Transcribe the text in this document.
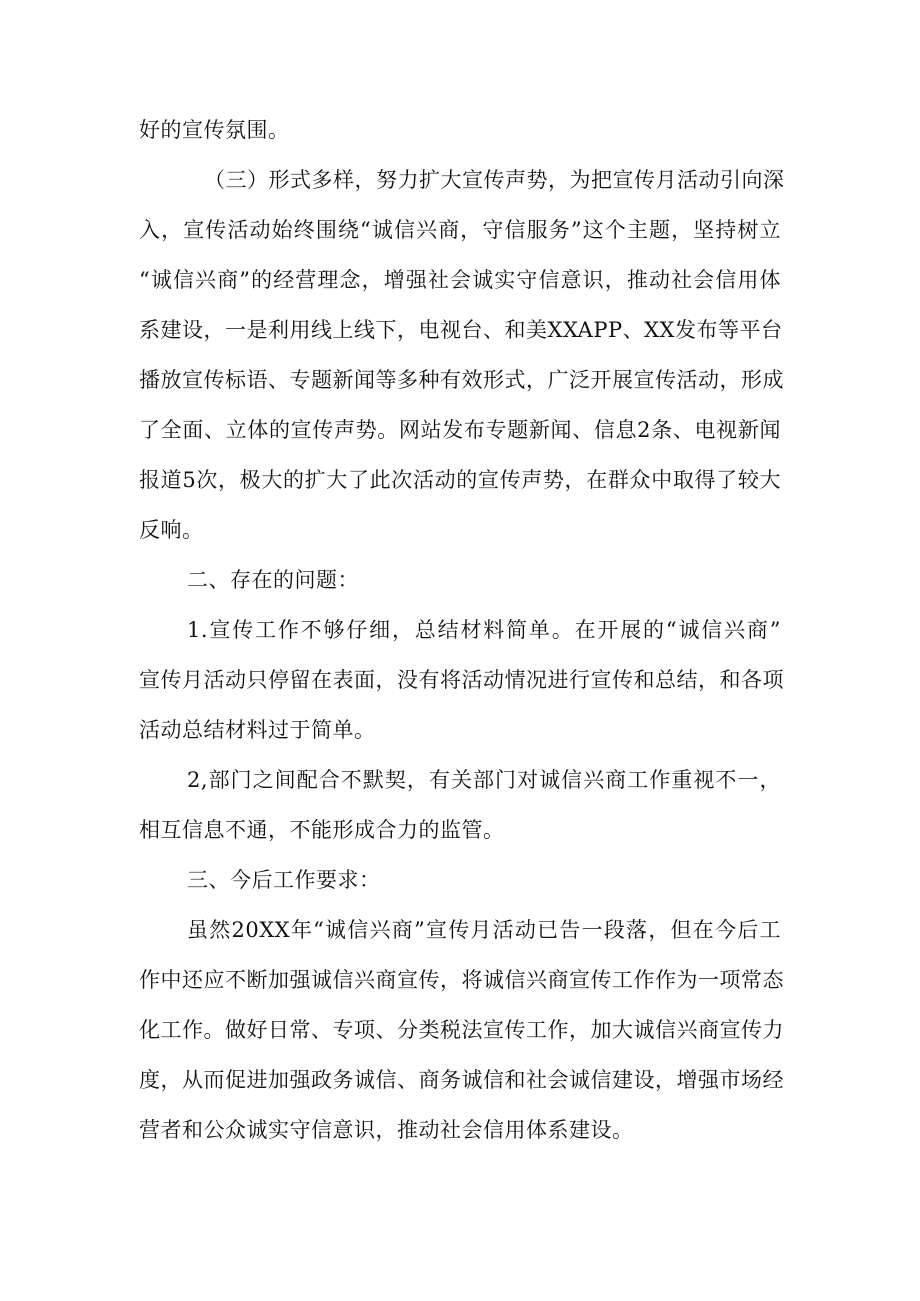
好的宣传氛围。
（三）形式多样，努力扩大宣传声势，为把宣传月活动引向深
入，宣传活动始终围绕“诚信兴商，守信服务”这个主题，坚持树立
“诚信兴商”的经营理念，增强社会诚实守信意识，推动社会信用体
系建设，一是利用线上线下，电视台、和美XXAPP、XX发布等平台
播放宣传标语、专题新闻等多种有效形式，广泛开展宣传活动，形成
了全面、立体的宣传声势。网站发布专题新闻、信息2条、电视新闻
报道5次，极大的扩大了此次活动的宣传声势，在群众中取得了较大
反响。
二、存在的问题：
1.宣传工作不够仔细，总结材料简单。在开展的“诚信兴商”
宣传月活动只停留在表面，没有将活动情况进行宣传和总结，和各项
活动总结材料过于简单。
2,部门之间配合不默契，有关部门对诚信兴商工作重视不一，
相互信息不通，不能形成合力的监管。
三、今后工作要求：
虽然20XX年“诚信兴商”宣传月活动已告一段落，但在今后工
作中还应不断加强诚信兴商宣传，将诚信兴商宣传工作作为一项常态
化工作。做好日常、专项、分类税法宣传工作，加大诚信兴商宣传力
度，从而促进加强政务诚信、商务诚信和社会诚信建设，增强市场经
营者和公众诚实守信意识，推动社会信用体系建设。
